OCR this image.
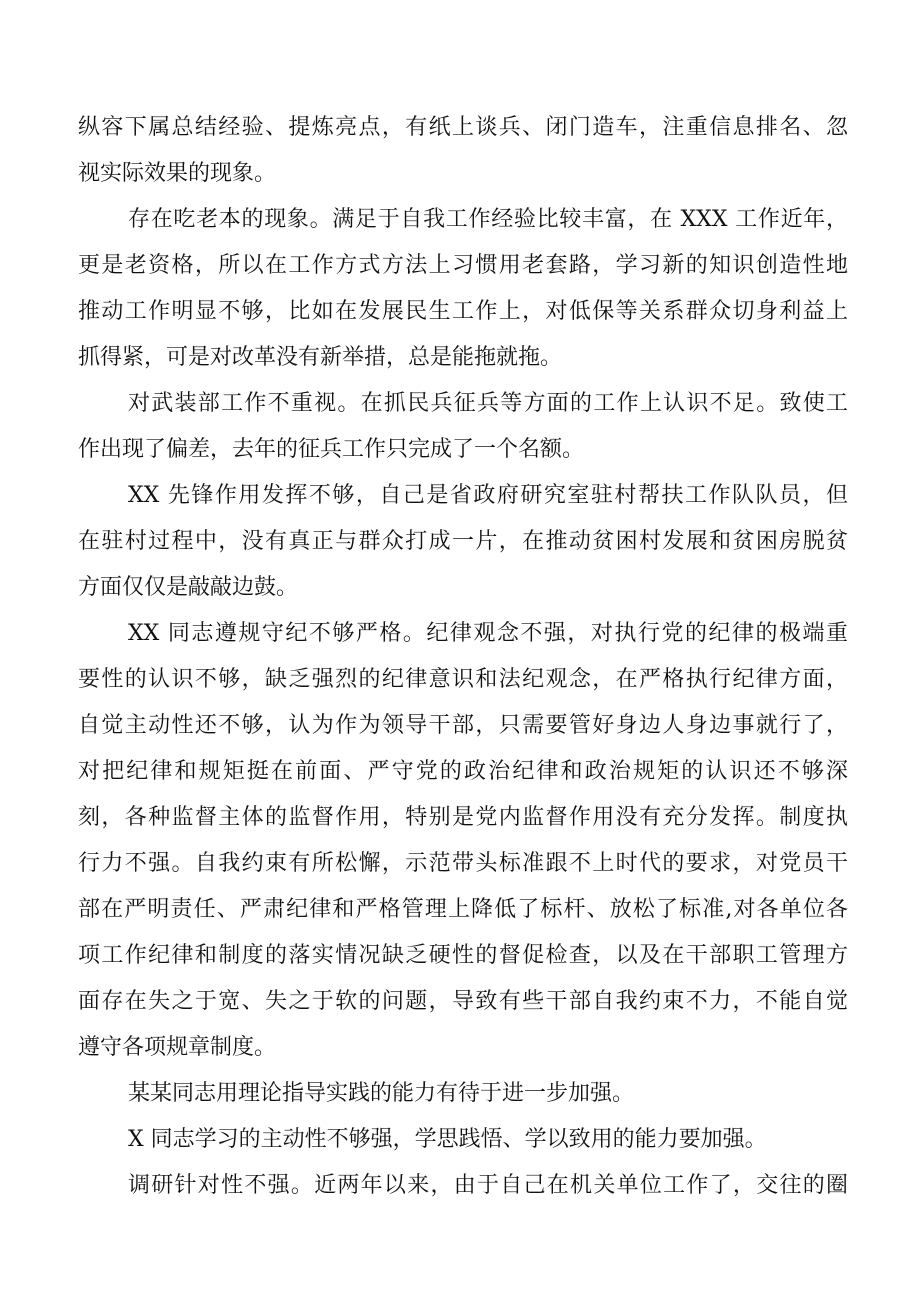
纵容下属总结经验、提炼亮点，有纸上谈兵、闭门造车，注重信息排名、忽
视实际效果的现象。
存在吃老本的现象。满足于自我工作经验比较丰富，在 XXX 工作近年，
更是老资格，所以在工作方式方法上习惯用老套路，学习新的知识创造性地
推动工作明显不够，比如在发展民生工作上，对低保等关系群众切身利益上
抓得紧，可是对改革没有新举措，总是能拖就拖。
对武装部工作不重视。在抓民兵征兵等方面的工作上认识不足。致使工
作出现了偏差，去年的征兵工作只完成了一个名额。
XX 先锋作用发挥不够，自己是省政府研究室驻村帮扶工作队队员，但
在驻村过程中，没有真正与群众打成一片，在推动贫困村发展和贫困房脱贫
方面仅仅是敲敲边鼓。
XX 同志遵规守纪不够严格。纪律观念不强，对执行党的纪律的极端重
要性的认识不够，缺乏强烈的纪律意识和法纪观念，在严格执行纪律方面，
自觉主动性还不够，认为作为领导干部，只需要管好身边人身边事就行了，
对把纪律和规矩挺在前面、严守党的政治纪律和政治规矩的认识还不够深
刻，各种监督主体的监督作用，特别是党内监督作用没有充分发挥。制度执
行力不强。自我约束有所松懈，示范带头标准跟不上时代的要求，对党员干
部在严明责任、严肃纪律和严格管理上降低了标杆、放松了标准,对各单位各
项工作纪律和制度的落实情况缺乏硬性的督促检查，以及在干部职工管理方
面存在失之于宽、失之于软的问题，导致有些干部自我约束不力，不能自觉
遵守各项规章制度。
某某同志用理论指导实践的能力有待于进一步加强。
X 同志学习的主动性不够强，学思践悟、学以致用的能力要加强。
调研针对性不强。近两年以来，由于自己在机关单位工作了，交往的圈
